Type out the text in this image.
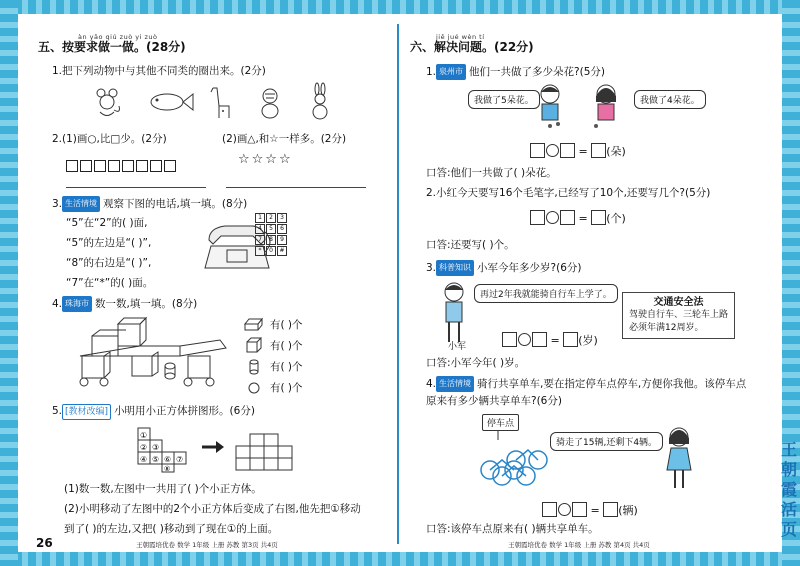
àn yāo qiú zuò yi zuò
五、按要求做一做。(28分)
1.把下列动物中与其他不同类的圈出来。(2分)
2.(1)画○,比□少。(2分)	(2)画△,和☆一样多。(2分)
☆☆☆☆
3. 生活情境 观察下图的电话,填一填。(8分)
“5”在“2”的( )面,
“5”的左边是“( )”,
“8”的右边是“( )”,
“7”在“*”的( )面。
1	2	3
4	5	6
7	8	9
*	0	#
4. 珠海市 数一数,填一填。(8分)
有( )个
有( )个
有( )个
有( )个
5. [教材改编] 小明用小正方体拼图形。(6分)
①
② ③
④ ⑤ ⑥ ⑦
⑧
(1)数一数,左图中一共用了( )个小正方体。
(2)小明移动了左图中的2个小正方体后变成了右图,他先把①移动
到了( )的左边,又把( )移动到了现在①的上面。
26	王朝霞培优卷 数学 1年级 上册 苏教 第3页 共4页
jiě jué wèn tí
六、解决问题。(22分)
1. 泉州市 他们一共做了多少朵花?(5分)
我做了5朵花。	我做了4朵花。
= (朵)
口答:他们一共做了( )朵花。
2.小红今天要写16个毛笔字,已经写了10个,还要写几个?(5分)
= (个)
口答:还要写( )个。
3. 科普知识 小军今年多少岁?(6分)
再过2年我就能骑自行车上学了。
小军
交通安全法
驾驶自行车、三轮车上路
必须年满12周岁。
= (岁)
口答:小军今年( )岁。
4. 生活情境 骑行共享单车,要在指定停车点停车,方便你我他。该停车点
原来有多少辆共享单车?(6分)
停车点
骑走了15辆,还剩下4辆。
= (辆)
口答:该停车点原来有( )辆共享单车。
王朝霞培优卷 数学 1年级 上册 苏教 第4页 共4页
王朝霞活页
